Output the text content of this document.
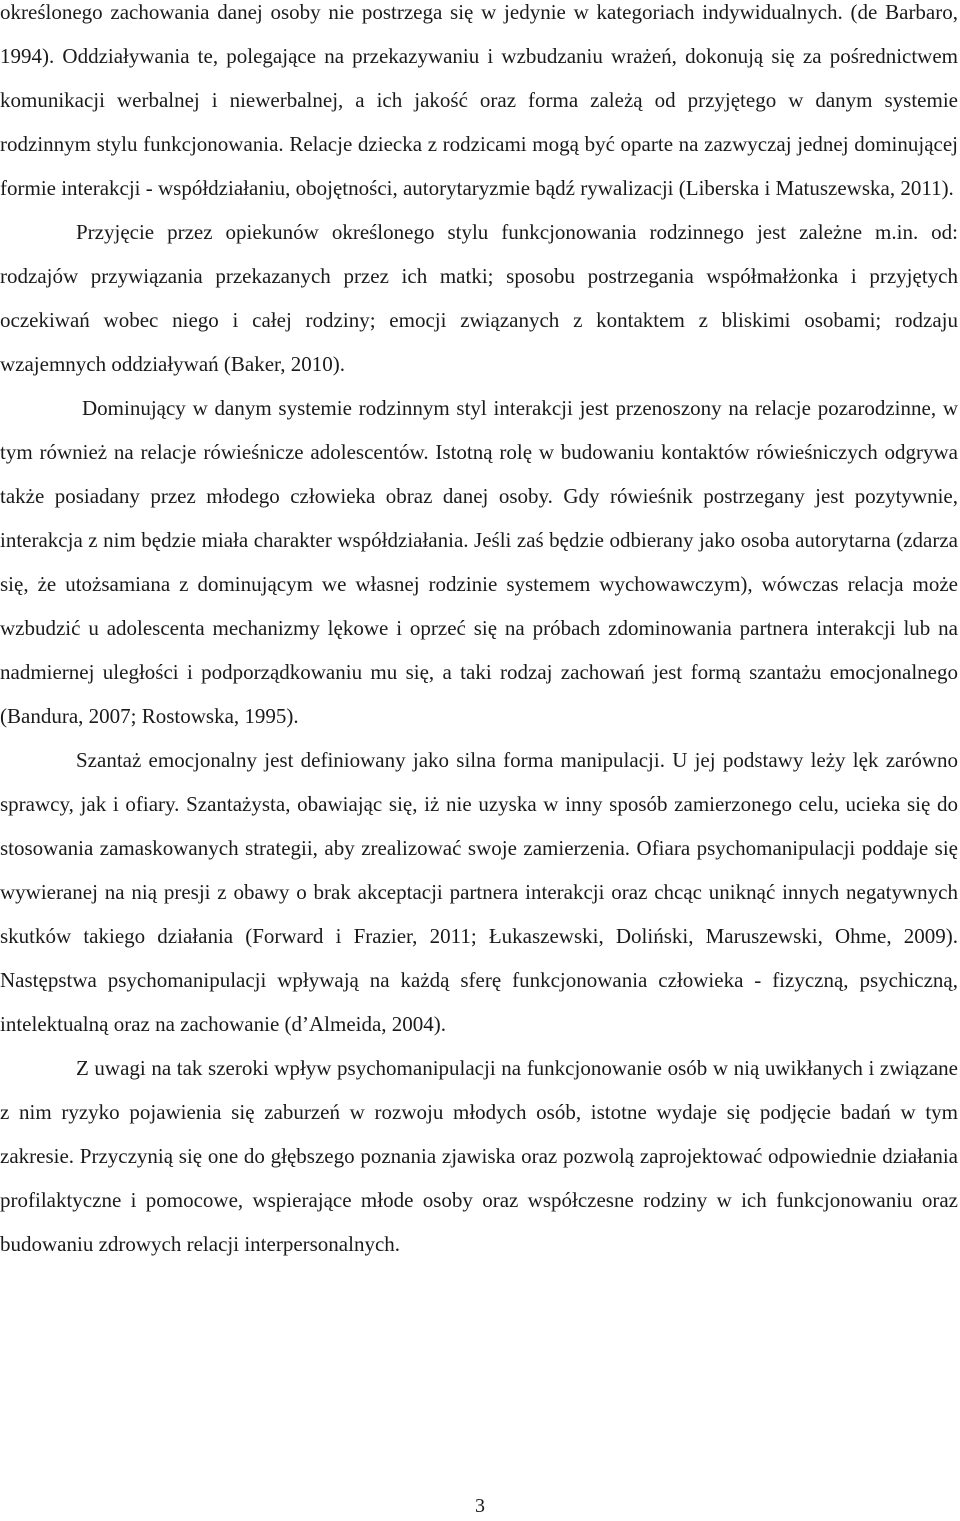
określonego zachowania danej osoby nie postrzega się w jedynie w kategoriach indywidualnych. (de Barbaro, 1994). Oddziaływania te, polegające na przekazywaniu i wzbudzaniu wrażeń, dokonują się za pośrednictwem komunikacji werbalnej i niewerbalnej, a ich jakość oraz forma zależą od przyjętego w danym systemie rodzinnym stylu funkcjonowania. Relacje dziecka z rodzicami mogą być oparte na zazwyczaj jednej dominującej formie interakcji - współdziałaniu, obojętności, autorytaryzmie bądź rywalizacji (Liberska i Matuszewska, 2011).

Przyjęcie przez opiekunów określonego stylu funkcjonowania rodzinnego jest zależne m.in. od: rodzajów przywiązania przekazanych przez ich matki; sposobu postrzegania współmałżonka i przyjętych oczekiwań wobec niego i całej rodziny; emocji związanych z kontaktem z bliskimi osobami; rodzaju wzajemnych oddziaływań (Baker, 2010).

Dominujący w danym systemie rodzinnym styl interakcji jest przenoszony na relacje pozarodzinne, w tym również na relacje rówieśnicze adolescentów. Istotną rolę w budowaniu kontaktów rówieśniczych odgrywa także posiadany przez młodego człowieka obraz danej osoby. Gdy rówieśnik postrzegany jest pozytywnie, interakcja z nim będzie miała charakter współdziałania. Jeśli zaś będzie odbierany jako osoba autorytarna (zdarza się, że utożsamiana z dominującym we własnej rodzinie systemem wychowawczym), wówczas relacja może wzbudzić u adolescenta mechanizmy lękowe i oprzeć się na próbach zdominowania partnera interakcji lub na nadmiernej uległości i podporządkowaniu mu się, a taki rodzaj zachowań jest formą szantażu emocjonalnego (Bandura, 2007; Rostowska, 1995).

Szantaż emocjonalny jest definiowany jako silna forma manipulacji. U jej podstawy leży lęk zarówno sprawcy, jak i ofiary. Szantażysta, obawiając się, iż nie uzyska w inny sposób zamierzonego celu, ucieka się do stosowania zamaskowanych strategii, aby zrealizować swoje zamierzenia. Ofiara psychomanipulacji poddaje się wywieranej na nią presji z obawy o brak akceptacji partnera interakcji oraz chcąc uniknąć innych negatywnych skutków takiego działania (Forward i Frazier, 2011; Łukaszewski, Doliński, Maruszewski, Ohme, 2009). Następstwa psychomanipulacji wpływają na każdą sferę funkcjonowania człowieka - fizyczną, psychiczną, intelektualną oraz na zachowanie (d’Almeida, 2004).

Z uwagi na tak szeroki wpływ psychomanipulacji na funkcjonowanie osób w nią uwikłanych i związane z nim ryzyko pojawienia się zaburzeń w rozwoju młodych osób, istotne wydaje się podjęcie badań w tym zakresie. Przyczynią się one do głębszego poznania zjawiska oraz pozwolą zaprojektować odpowiednie działania profilaktyczne i pomocowe, wspierające młode osoby oraz współczesne rodziny w ich funkcjonowaniu oraz budowaniu zdrowych relacji interpersonalnych.

3
